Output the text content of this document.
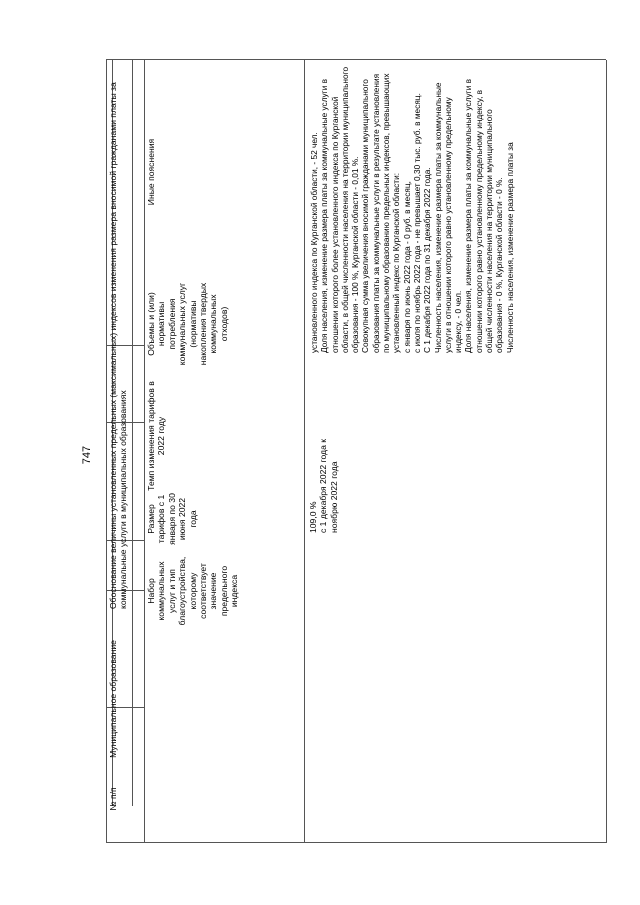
747
№ п/п
Муниципальное образование
Обоснование величины установленных предельных (максимальных) индексов изменения размера вносимой гражданами платы за коммунальные услуги в муниципальных образованиях	Набор коммунальных услуг и тип благоустройства, которому соответствует значение предельного индекса
Размер тарифов с 1 января по 30 июня 2022 года
Темп изменения тарифов в 2022 году
Объемы и (или) нормативы потребления коммунальных услуг (нормативы накопления твердых коммунальных отходов)
Иные пояснения
109,0 %
с 1 декабря 2022 года к ноябрю 2022 года
установленного индекса по Курганской области, - 52 чел.
Доля населения, изменение размера платы за коммунальные услуги в отношении которого более установленного индекса по Курганской области, в общей численности населения на территории муниципального образования - 100 %, Курганской области - 0,01 %.
Совокупная сумма увеличения вносимой гражданами муниципального образования платы за коммунальные услуги в результате установления по муниципальному образованию предельных индексов, превышающих установленный индекс по Курганской области:
с января по июнь 2022 года - 0 руб. в месяц,
с июля по ноябрь 2022 года - не превышает 0,30 тыс. руб. в месяц.
С 1 декабря 2022 года по 31 декабря 2022 года.
Численность населения, изменение размера платы за коммунальные услуги в отношении которого равно установленному предельному индексу, - 0 чел.
Доля населения, изменение размера платы за коммунальные услуги в отношении которого равно установленному предельному индексу, в общей численности населения на территории муниципального образования - 0 %, Курганской области - 0 %.
Численность населения, изменение размера платы за
